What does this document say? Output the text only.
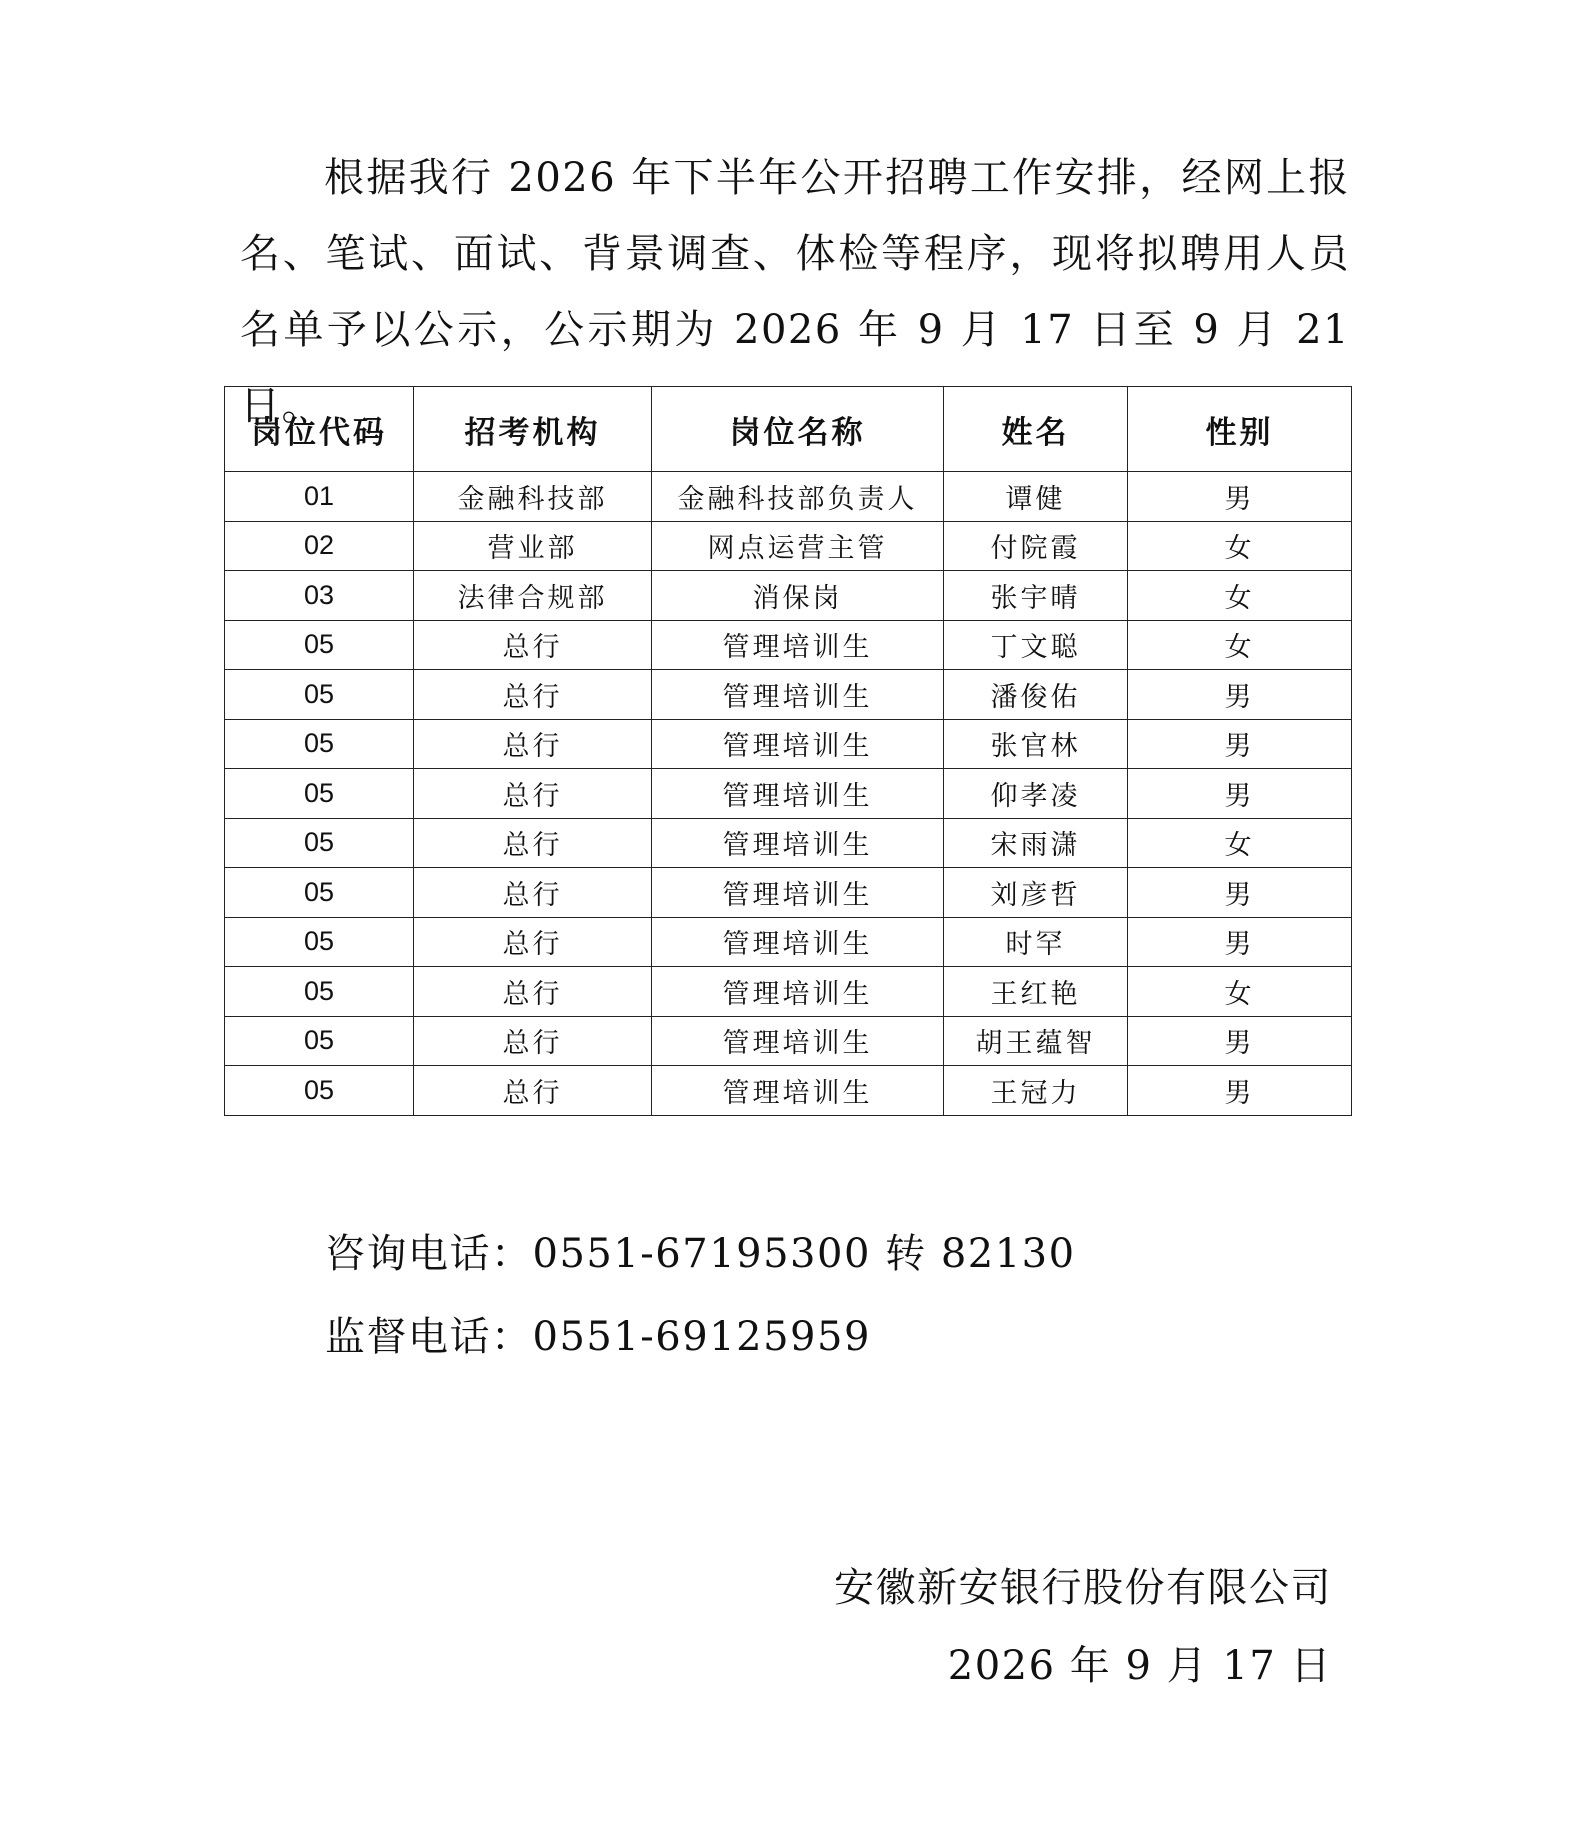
根据我行 2026 年下半年公开招聘工作安排，经网上报名、笔试、面试、背景调查、体检等程序，现将拟聘用人员名单予以公示，公示期为 2026 年 9 月 17 日至 9 月 21 日。

岗位代码	招考机构	岗位名称	姓名	性别
01	金融科技部	金融科技部负责人	谭健	男
02	营业部	网点运营主管	付院霞	女
03	法律合规部	消保岗	张宇晴	女
05	总行	管理培训生	丁文聪	女
05	总行	管理培训生	潘俊佑	男
05	总行	管理培训生	张官林	男
05	总行	管理培训生	仰孝凌	男
05	总行	管理培训生	宋雨潇	女
05	总行	管理培训生	刘彦哲	男
05	总行	管理培训生	时罕	男
05	总行	管理培训生	王红艳	女
05	总行	管理培训生	胡王蕴智	男
05	总行	管理培训生	王冠力	男

咨询电话：0551-67195300 转 82130

监督电话：0551-69125959

安徽新安银行股份有限公司

2026 年 9 月 17 日
